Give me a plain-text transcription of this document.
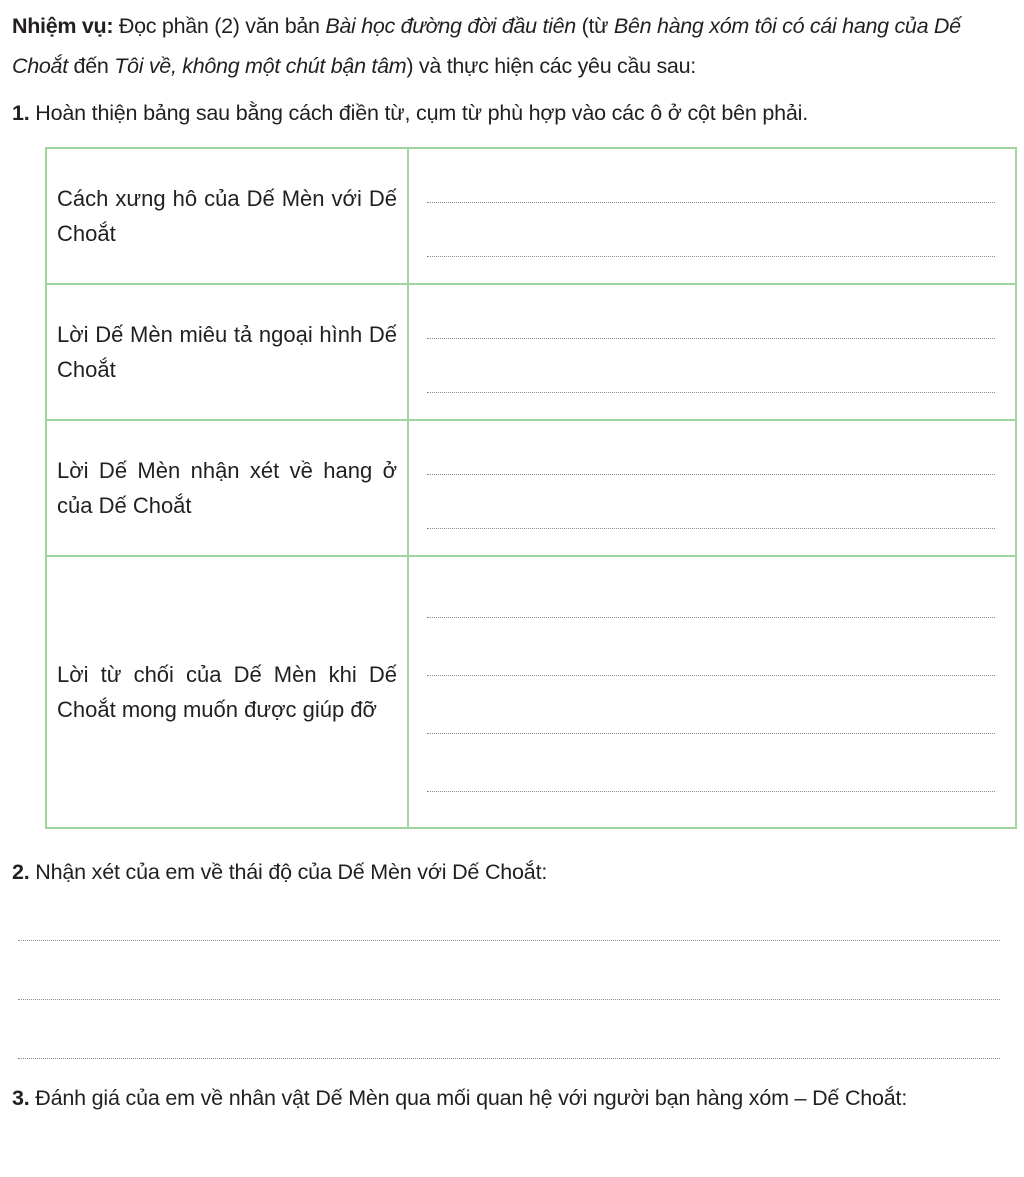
Nhiệm vụ: Đọc phần (2) văn bản Bài học đường đời đầu tiên (từ Bên hàng xóm tôi có cái hang của Dế Choắt đến Tôi về, không một chút bận tâm) và thực hiện các yêu cầu sau:

1. Hoàn thiện bảng sau bằng cách điền từ, cụm từ phù hợp vào các ô ở cột bên phải.

Cách xưng hô của Dế Mèn với Dế Choắt	

Lời Dế Mèn miêu tả ngoại hình Dế Choắt	

Lời Dế Mèn nhận xét về hang ở của Dế Choắt	

Lời từ chối của Dế Mèn khi Dế Choắt mong muốn được giúp đỡ	

2. Nhận xét của em về thái độ của Dế Mèn với Dế Choắt:

3. Đánh giá của em về nhân vật Dế Mèn qua mối quan hệ với người bạn hàng xóm – Dế Choắt:
